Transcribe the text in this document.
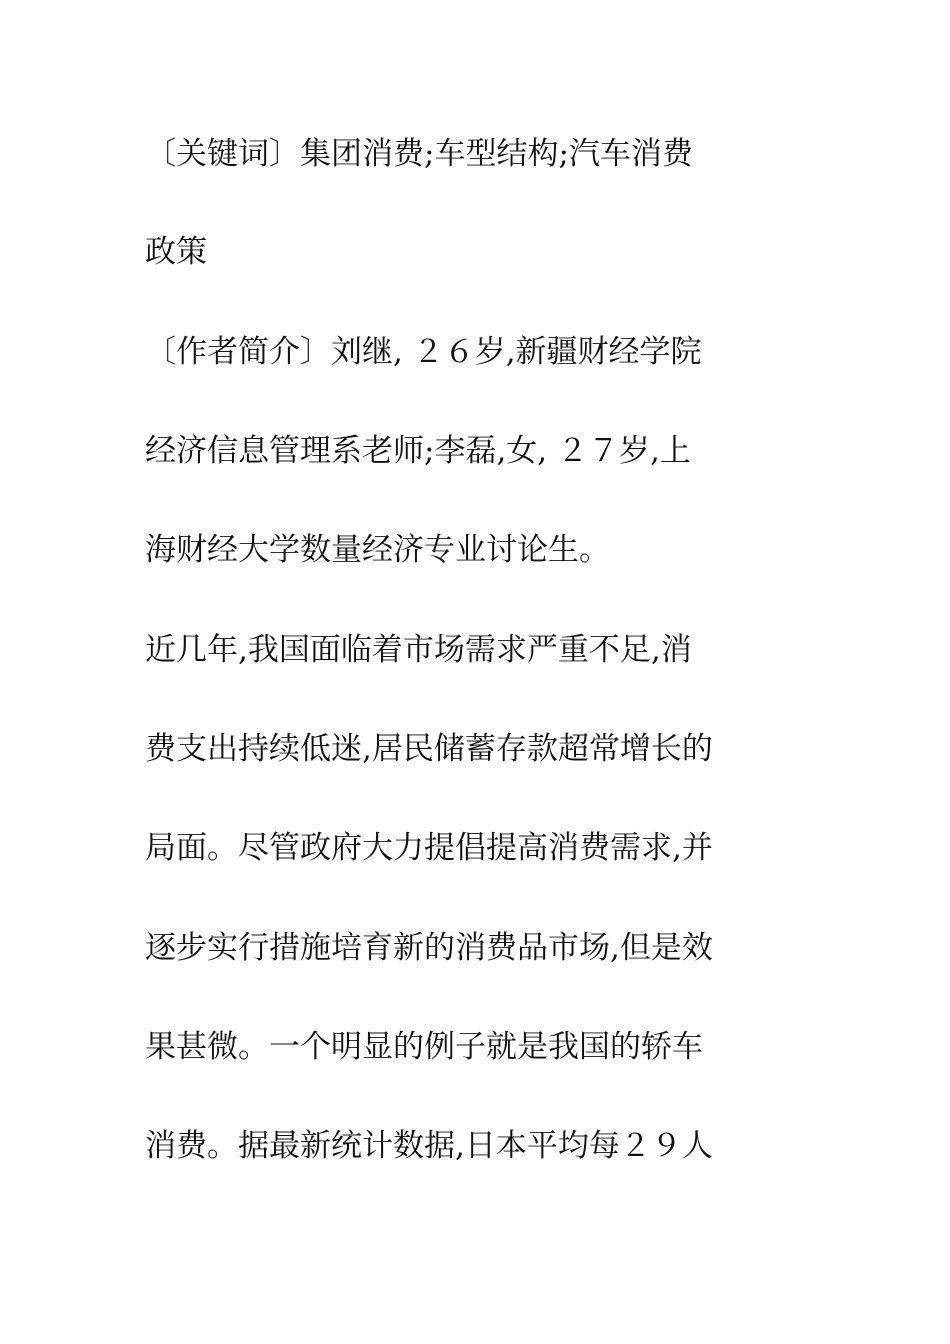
〔关键词〕集团消费;车型结构;汽车消费
政策
〔作者简介〕刘继, ２６岁,新疆财经学院
经济信息管理系老师;李磊,女, ２７岁,上
海财经大学数量经济专业讨论生。
近几年,我国面临着市场需求严重不足,消
费支出持续低迷,居民储蓄存款超常增长的
局面。尽管政府大力提倡提高消费需求,并
逐步实行措施培育新的消费品市场,但是效
果甚微。一个明显的例子就是我国的轿车
消费。据最新统计数据,日本平均每２９人
